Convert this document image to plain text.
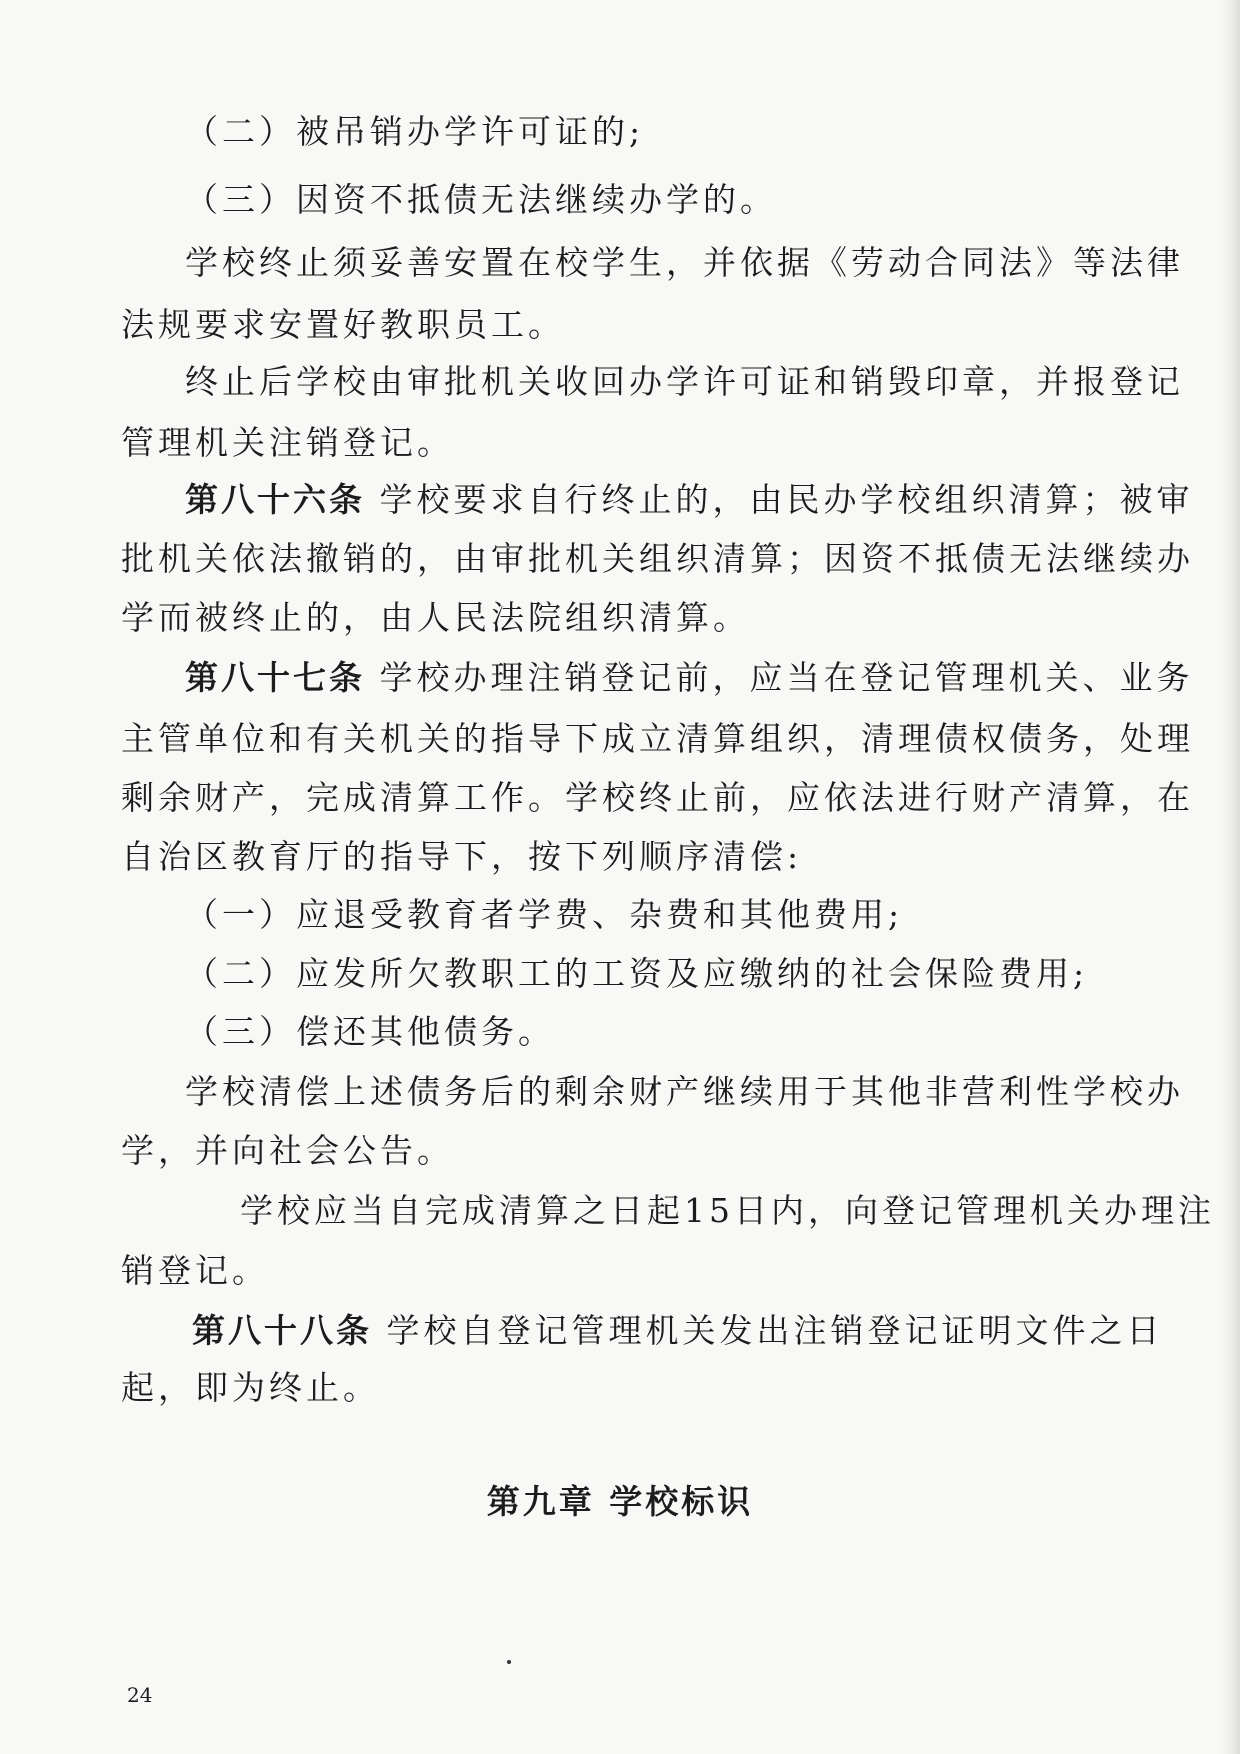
（二）被吊销办学许可证的;
（三）因资不抵债无法继续办学的。
学校终止须妥善安置在校学生，并依据《劳动合同法》等法律
法规要求安置好教职员工。
终止后学校由审批机关收回办学许可证和销毁印章，并报登记
管理机关注销登记。
第八十六条 学校要求自行终止的，由民办学校组织清算；被审
批机关依法撤销的，由审批机关组织清算；因资不抵债无法继续办
学而被终止的，由人民法院组织清算。
第八十七条 学校办理注销登记前，应当在登记管理机关、业务
主管单位和有关机关的指导下成立清算组织，清理债权债务，处理
剩余财产，完成清算工作。学校终止前，应依法进行财产清算，在
自治区教育厅的指导下，按下列顺序清偿:
（一）应退受教育者学费、杂费和其他费用;
（二）应发所欠教职工的工资及应缴纳的社会保险费用;
（三）偿还其他债务。
学校清偿上述债务后的剩余财产继续用于其他非营利性学校办
学，并向社会公告。
学校应当自完成清算之日起15日内，向登记管理机关办理注
销登记。
第八十八条 学校自登记管理机关发出注销登记证明文件之日
起，即为终止。
第九章 学校标识
24
